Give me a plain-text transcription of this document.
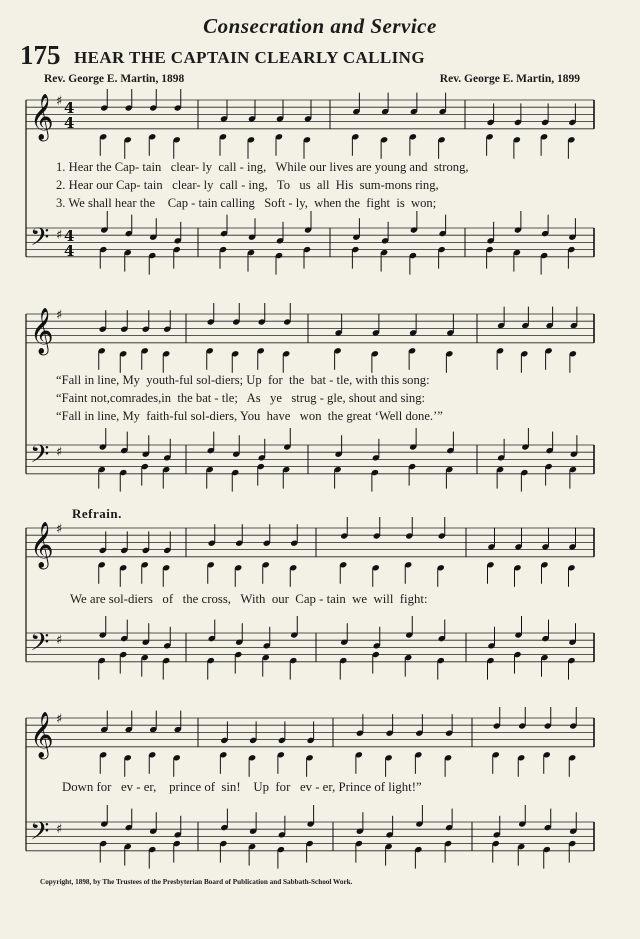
Consecration and Service
175 HEAR THE CAPTAIN CLEARLY CALLING
Rev. George E. Martin, 1898	Rev. George E. Martin, 1899
𝄞
𝄢
♯
♯
4
4
4
4
𝄞
𝄢
♯
♯
𝄞
𝄢
♯
♯
𝄞
𝄢
♯
♯
1. Hear the Cap- tain   clear- ly  call - ing,   While our lives are young and  strong,
2. Hear our Cap- tain   clear- ly  call - ing,   To   us  all  His  sum-mons ring,
3. We shall hear the    Cap - tain calling   Soft - ly,  when the  fight  is  won;
“Fall in line, My  youth-ful sol-diers; Up  for  the  bat - tle, with this song:
“Faint not,comrades,in  the bat - tle;   As   ye   strug - gle, shout and sing:
“Fall in line, My  faith-ful sol-diers, You  have   won  the great ‘Well done.’”
Refrain.
We are sol-diers   of   the cross,   With  our  Cap - tain  we  will  fight:
Down for   ev - er,    prince of  sin!    Up  for   ev - er, Prince of light!”
Copyright, 1898, by The Trustees of the Presbyterian Board of Publication and Sabbath-School Work.
